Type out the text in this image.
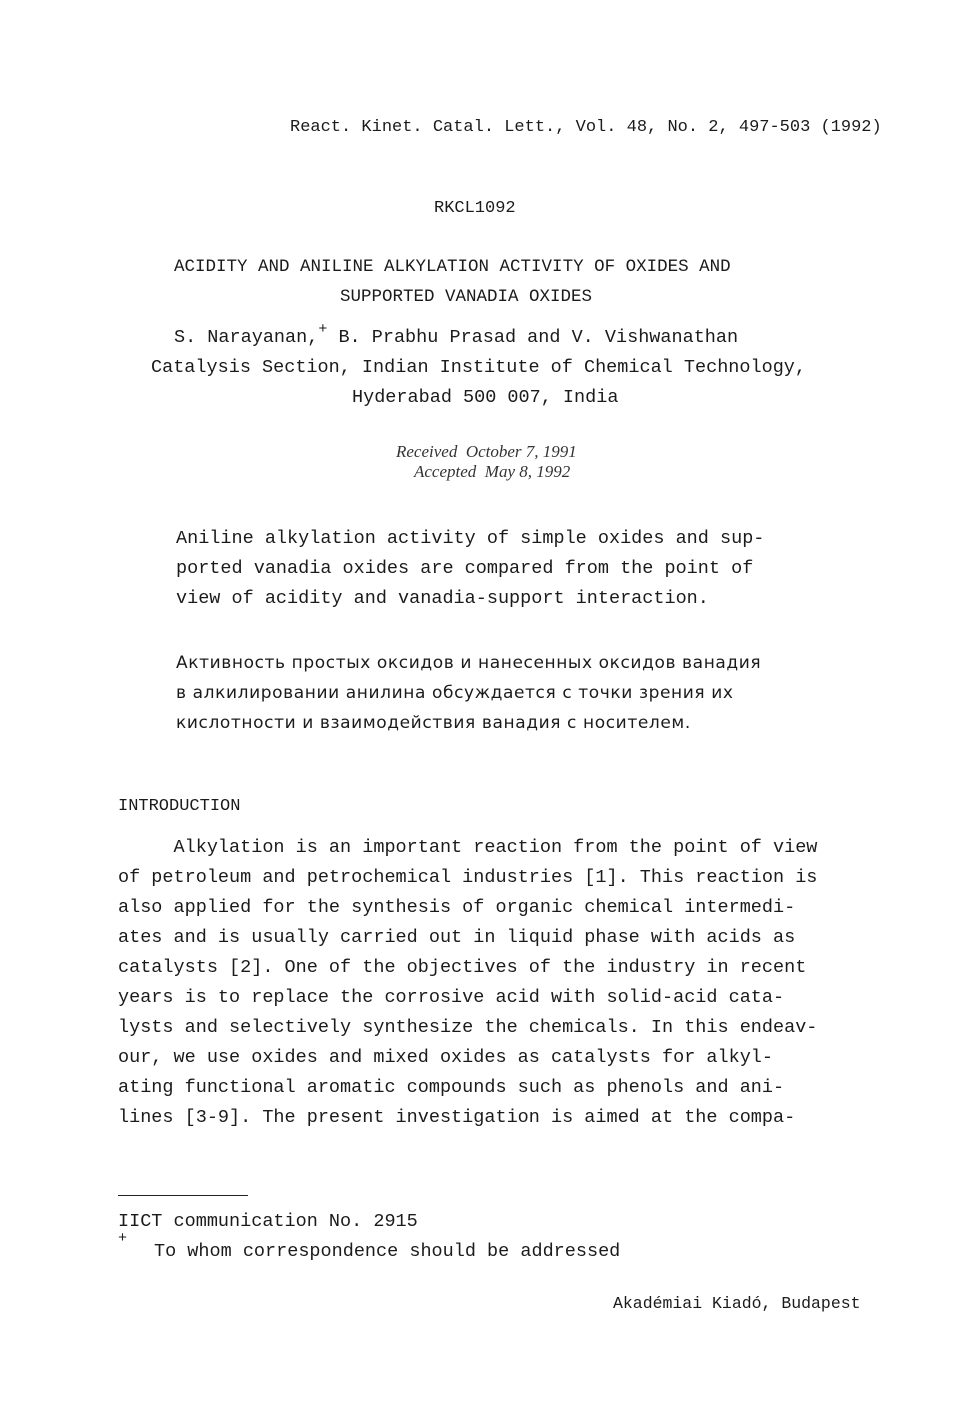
React. Kinet. Catal. Lett., Vol. 48, No. 2, 497-503 (1992)
RKCL1092
ACIDITY AND ANILINE ALKYLATION ACTIVITY OF OXIDES AND
SUPPORTED VANADIA OXIDES
S. Narayanan,+ B. Prabhu Prasad and V. Vishwanathan
Catalysis Section, Indian Institute of Chemical Technology,
Hyderabad 500 007, India
Received  October 7, 1991
Accepted  May 8, 1992
Aniline alkylation activity of simple oxides and sup-
ported vanadia oxides are compared from the point of
view of acidity and vanadia-support interaction.
Активность простых оксидов и нанесенных оксидов ванадия
в алкилировании анилина обсуждается с точки зрения их
кислотности и взаимодействия ванадия с носителем.
INTRODUCTION
Alkylation is an important reaction from the point of view
of petroleum and petrochemical industries [1]. This reaction is
also applied for the synthesis of organic chemical intermedi-
ates and is usually carried out in liquid phase with acids as
catalysts [2]. One of the objectives of the industry in recent
years is to replace the corrosive acid with solid-acid cata-
lysts and selectively synthesize the chemicals. In this endeav-
our, we use oxides and mixed oxides as catalysts for alkyl-
ating functional aromatic compounds such as phenols and ani-
lines [3-9]. The present investigation is aimed at the compa-
IICT communication No. 2915
+
To whom correspondence should be addressed
Akadémiai Kiadó, Budapest
